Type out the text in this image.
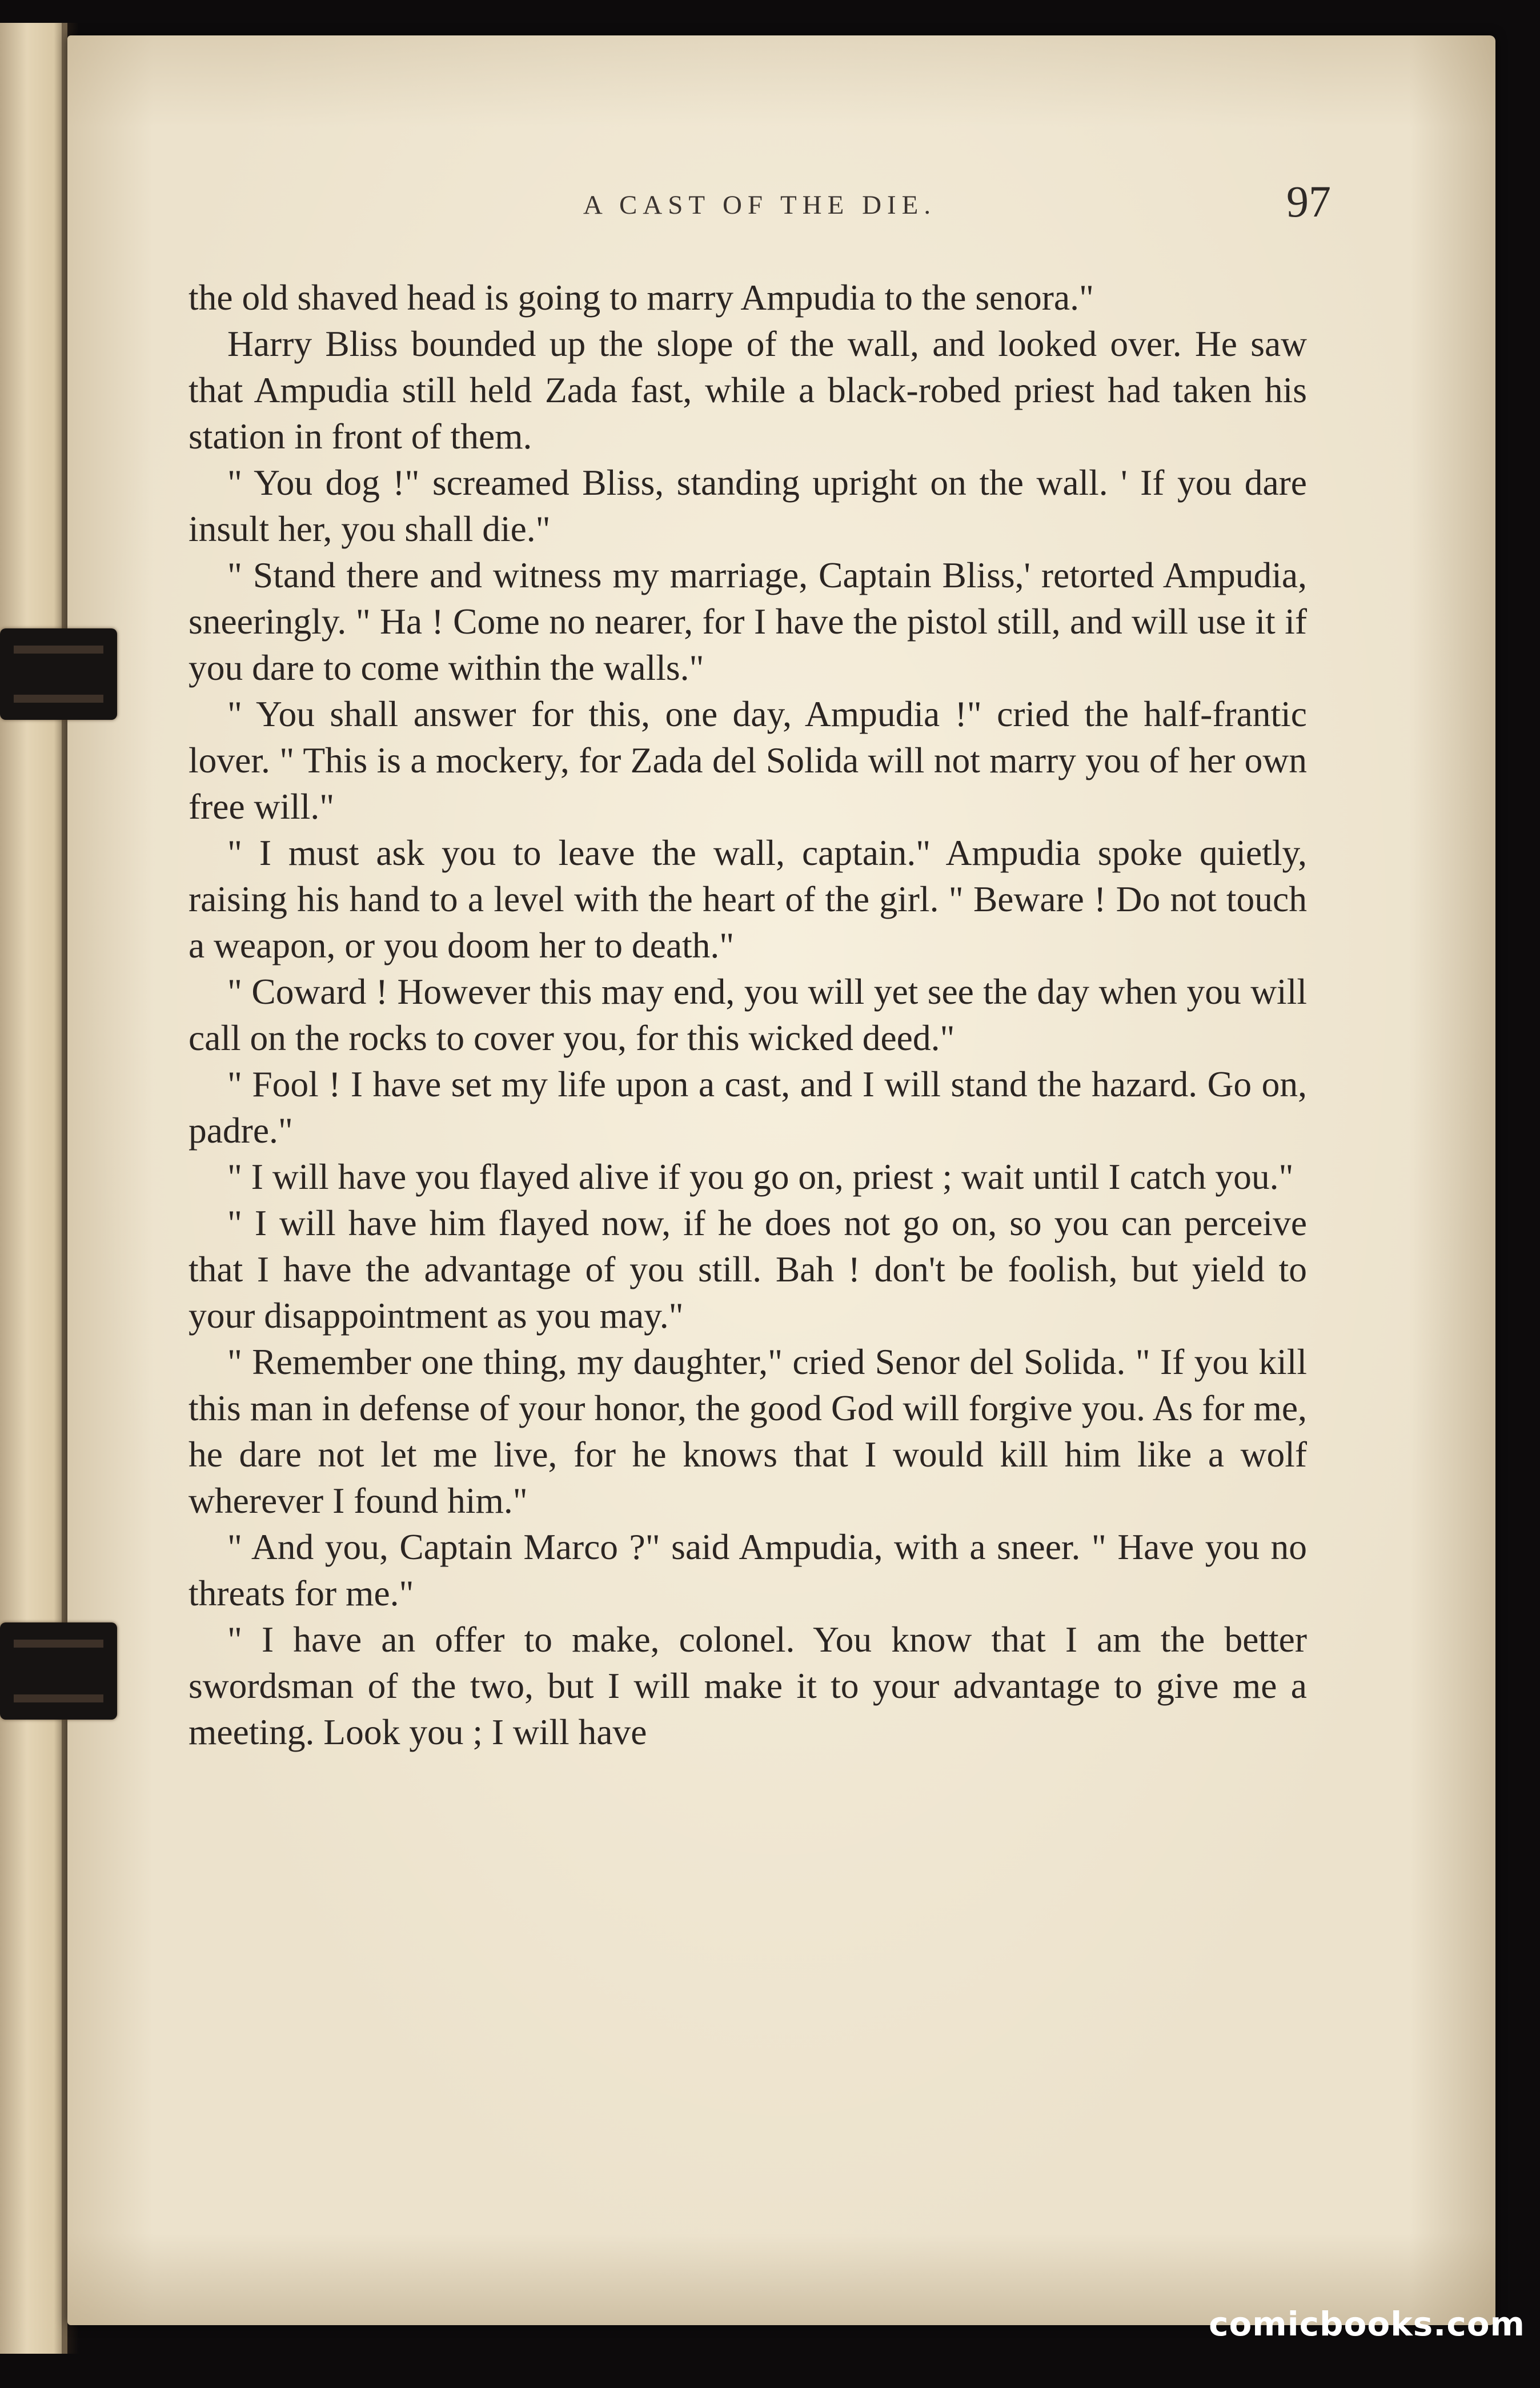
A CAST OF THE DIE.	97

the old shaved head is going to marry Ampudia to the senora."

Harry Bliss bounded up the slope of the wall, and looked over. He saw that Ampudia still held Zada fast, while a black-robed priest had taken his station in front of them.

" You dog !" screamed Bliss, standing upright on the wall. ' If you dare insult her, you shall die."

" Stand there and witness my marriage, Captain Bliss,' retorted Ampudia, sneeringly. " Ha ! Come no nearer, for I have the pistol still, and will use it if you dare to come within the walls."

" You shall answer for this, one day, Ampudia !" cried the half-frantic lover. " This is a mockery, for Zada del Solida will not marry you of her own free will."

" I must ask you to leave the wall, captain." Ampudia spoke quietly, raising his hand to a level with the heart of the girl. " Beware ! Do not touch a weapon, or you doom her to death."

" Coward ! However this may end, you will yet see the day when you will call on the rocks to cover you, for this wicked deed."

" Fool ! I have set my life upon a cast, and I will stand the hazard. Go on, padre."

" I will have you flayed alive if you go on, priest ; wait until I catch you."

" I will have him flayed now, if he does not go on, so you can perceive that I have the advantage of you still. Bah ! don't be foolish, but yield to your disappointment as you may."

" Remember one thing, my daughter," cried Senor del Solida. " If you kill this man in defense of your honor, the good God will forgive you. As for me, he dare not let me live, for he knows that I would kill him like a wolf wherever I found him."

" And you, Captain Marco ?" said Ampudia, with a sneer. " Have you no threats for me."

" I have an offer to make, colonel. You know that I am the better swordsman of the two, but I will make it to your advantage to give me a meeting. Look you ; I will have

comicbooks.com
